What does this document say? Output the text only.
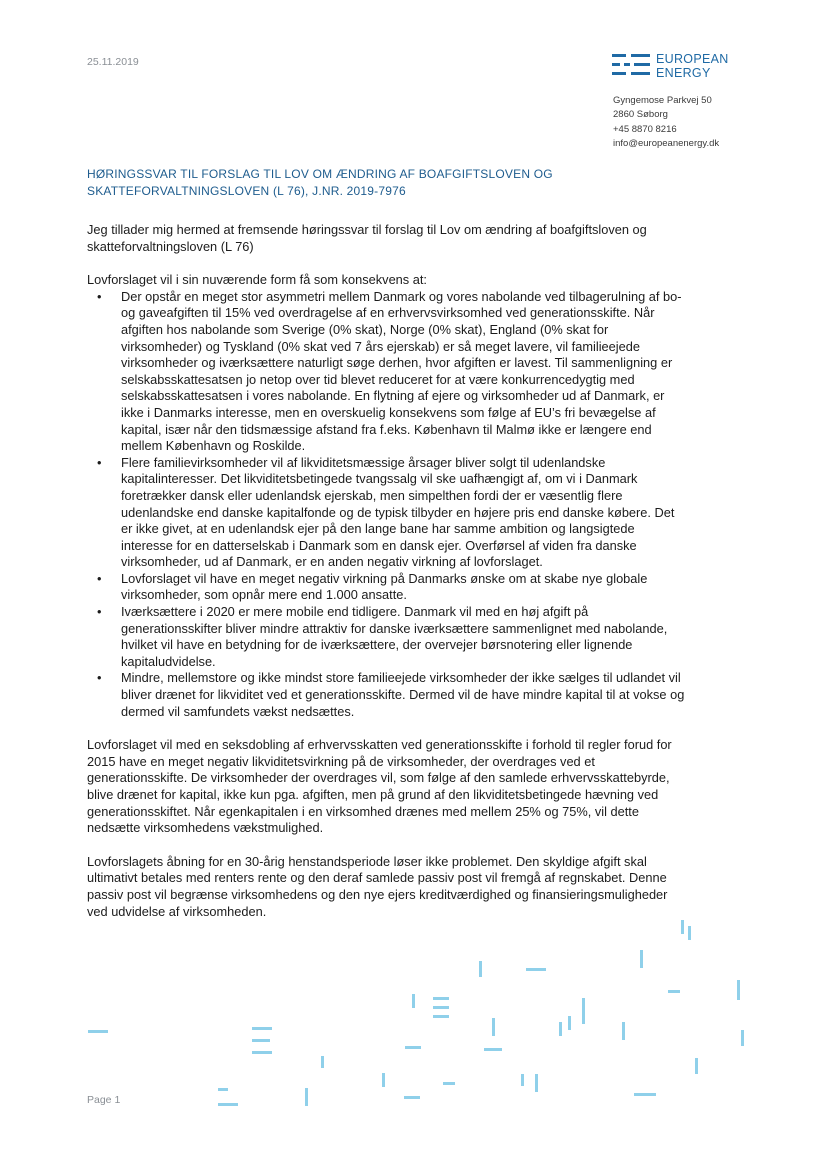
25.11.2019	EUROPEAN
ENERGY
Gyngemose Parkvej 50
2860 Søborg
+45 8870 8216
info@europeanenergy.dk
HØRINGSSVAR TIL FORSLAG TIL LOV OM ÆNDRING AF BOAFGIFTSLOVEN OG SKATTEFORVALTNINGSLOVEN (L 76), J.NR. 2019-7976

Jeg tillader mig hermed at fremsende høringssvar til forslag til Lov om ændring af boafgiftsloven og skatteforvaltningsloven (L 76)

Lovforslaget vil i sin nuværende form få som konsekvens at:

• Der opstår en meget stor asymmetri mellem Danmark og vores nabolande ved tilbagerulning af bo- og gaveafgiften til 15% ved overdragelse af en erhvervsvirksomhed ved generationsskifte. Når afgiften hos nabolande som Sverige (0% skat), Norge (0% skat), England (0% skat for virksomheder) og Tyskland (0% skat ved 7 års ejerskab) er så meget lavere, vil familieejede virksomheder og iværksættere naturligt søge derhen, hvor afgiften er lavest. Til sammenligning er selskabsskattesatsen jo netop over tid blevet reduceret for at være konkurrencedygtig med selskabsskattesatsen i vores nabolande. En flytning af ejere og virksomheder ud af Danmark, er ikke i Danmarks interesse, men en overskuelig konsekvens som følge af EU’s fri bevægelse af kapital, især når den tidsmæssige afstand fra f.eks. København til Malmø ikke er længere end mellem København og Roskilde.
• Flere familievirksomheder vil af likviditetsmæssige årsager bliver solgt til udenlandske kapitalinteresser. Det likviditetsbetingede tvangssalg vil ske uafhængigt af, om vi i Danmark foretrækker dansk eller udenlandsk ejerskab, men simpelthen fordi der er væsentlig flere udenlandske end danske kapitalfonde og de typisk tilbyder en højere pris end danske købere. Det er ikke givet, at en udenlandsk ejer på den lange bane har samme ambition og langsigtede interesse for en datterselskab i Danmark som en dansk ejer. Overførsel af viden fra danske virksomheder, ud af Danmark, er en anden negativ virkning af lovforslaget.
• Lovforslaget vil have en meget negativ virkning på Danmarks ønske om at skabe nye globale virksomheder, som opnår mere end 1.000 ansatte.
• Iværksættere i 2020 er mere mobile end tidligere. Danmark vil med en høj afgift på generationsskifter bliver mindre attraktiv for danske iværksættere sammenlignet med nabolande, hvilket vil have en betydning for de iværksættere, der overvejer børsnotering eller lignende kapitaludvidelse.
• Mindre, mellemstore og ikke mindst store familieejede virksomheder der ikke sælges til udlandet vil bliver drænet for likviditet ved et generationsskifte. Dermed vil de have mindre kapital til at vokse og dermed vil samfundets vækst nedsættes.

Lovforslaget vil med en seksdobling af erhvervsskatten ved generationsskifte i forhold til regler forud for 2015 have en meget negativ likviditetsvirkning på de virksomheder, der overdrages ved et generationsskifte. De virksomheder der overdrages vil, som følge af den samlede erhvervsskattebyrde, blive drænet for kapital, ikke kun pga. afgiften, men på grund af den likviditetsbetingede hævning ved generationsskiftet. Når egenkapitalen i en virksomhed drænes med mellem 25% og 75%, vil dette nedsætte virksomhedens vækstmulighed.

Lovforslagets åbning for en 30-årig henstandsperiode løser ikke problemet. Den skyldige afgift skal ultimativt betales med renters rente og den deraf samlede passiv post vil fremgå af regnskabet. Denne passiv post vil begrænse virksomhedens og den nye ejers kreditværdighed og finansieringsmuligheder ved udvidelse af virksomheden.

Page 1
